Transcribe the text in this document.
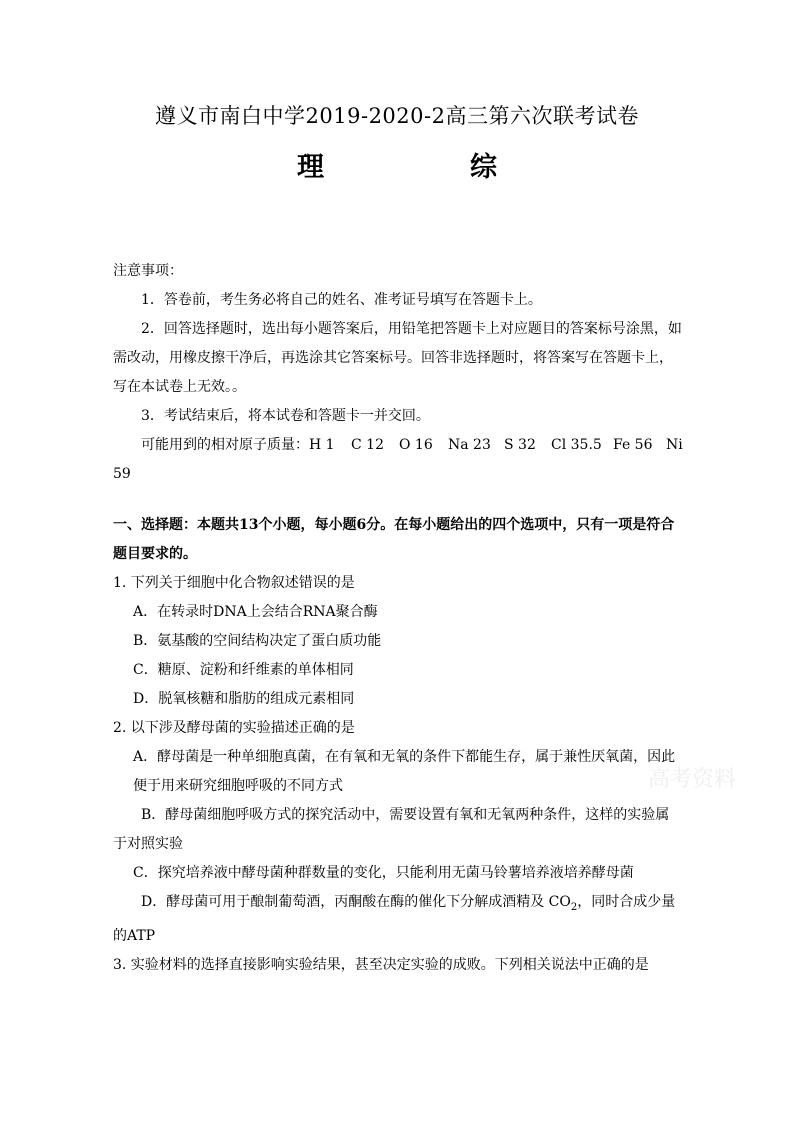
遵义市南白中学2019-2020-2高三第六次联考试卷
理	综

注意事项：

1．答卷前，考生务必将自己的姓名、准考证号填写在答题卡上。

2．回答选择题时，选出每小题答案后，用铅笔把答题卡上对应题目的答案标号涂黑，如需改动，用橡皮擦干净后，再选涂其它答案标号。回答非选择题时，将答案写在答题卡上，写在本试卷上无效。。

3．考试结束后，将本试卷和答题卡一并交回。

可能用到的相对原子质量：H 1 C 12 O 16 Na 23 S 32 Cl 35.5 Fe 56 Ni

59

一、选择题：本题共13个小题，每小题6分。在每小题给出的四个选项中，只有一项是符合题目要求的。

1. 下列关于细胞中化合物叙述错误的是

A．在转录时DNA上会结合RNA聚合酶

B．氨基酸的空间结构决定了蛋白质功能

C．糖原、淀粉和纤维素的单体相同

D．脱氧核糖和脂肪的组成元素相同

2. 以下涉及酵母菌的实验描述正确的是

A．酵母菌是一种单细胞真菌，在有氧和无氧的条件下都能生存，属于兼性厌氧菌，因此便于用来研究细胞呼吸的不同方式

B．酵母菌细胞呼吸方式的探究活动中，需要设置有氧和无氧两种条件，这样的实验属于对照实验

C．探究培养液中酵母菌种群数量的变化，只能利用无菌马铃薯培养液培养酵母菌

D．酵母菌可用于酿制葡萄酒，丙酮酸在酶的催化下分解成酒精及 $CO_2$，同时合成少量的ATP

3. 实验材料的选择直接影响实验结果，甚至决定实验的成败。下列相关说法中正确的是

高考资料
